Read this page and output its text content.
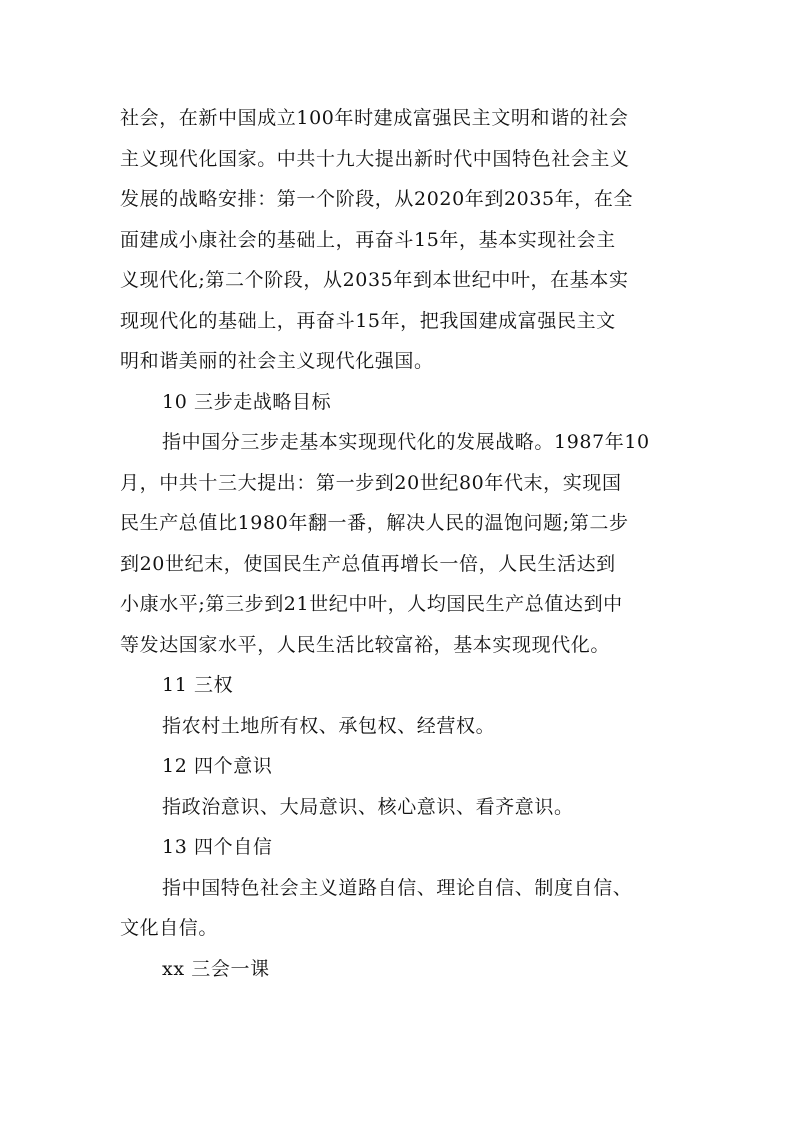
社会，在新中国成立100年时建成富强民主文明和谐的社会
主义现代化国家。中共十九大提出新时代中国特色社会主义
发展的战略安排：第一个阶段，从2020年到2035年，在全
面建成小康社会的基础上，再奋斗15年，基本实现社会主
义现代化;第二个阶段，从2035年到本世纪中叶，在基本实
现现代化的基础上，再奋斗15年，把我国建成富强民主文
明和谐美丽的社会主义现代化强国。
10 三步走战略目标
指中国分三步走基本实现现代化的发展战略。1987年10
月，中共十三大提出：第一步到20世纪80年代末，实现国
民生产总值比1980年翻一番，解决人民的温饱问题;第二步
到20世纪末，使国民生产总值再增长一倍，人民生活达到
小康水平;第三步到21世纪中叶，人均国民生产总值达到中
等发达国家水平，人民生活比较富裕，基本实现现代化。
11 三权
指农村土地所有权、承包权、经营权。
12 四个意识
指政治意识、大局意识、核心意识、看齐意识。
13 四个自信
指中国特色社会主义道路自信、理论自信、制度自信、
文化自信。
xx 三会一课
